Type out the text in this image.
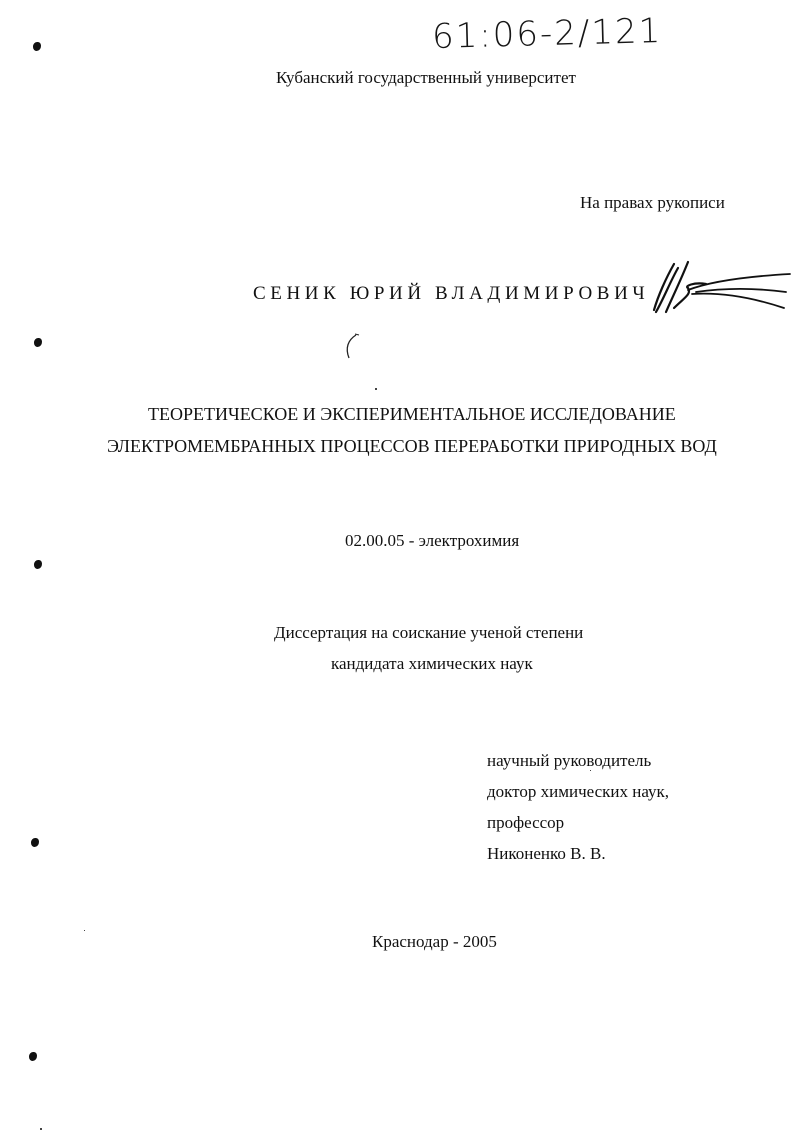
61:06-2/121
Кубанский государственный университет
На правах рукописи
СЕНИК ЮРИЙ ВЛАДИМИРОВИЧ
ТЕОРЕТИЧЕСКОЕ И ЭКСПЕРИМЕНТАЛЬНОЕ ИССЛЕДОВАНИЕ
ЭЛЕКТРОМЕМБРАННЫХ ПРОЦЕССОВ ПЕРЕРАБОТКИ ПРИРОДНЫХ ВОД
02.00.05 - электрохимия
Диссертация на соискание ученой степени
кандидата химических наук
научный руководитель
доктор химических наук,
профессор
Никоненко В. В.
Краснодар - 2005
